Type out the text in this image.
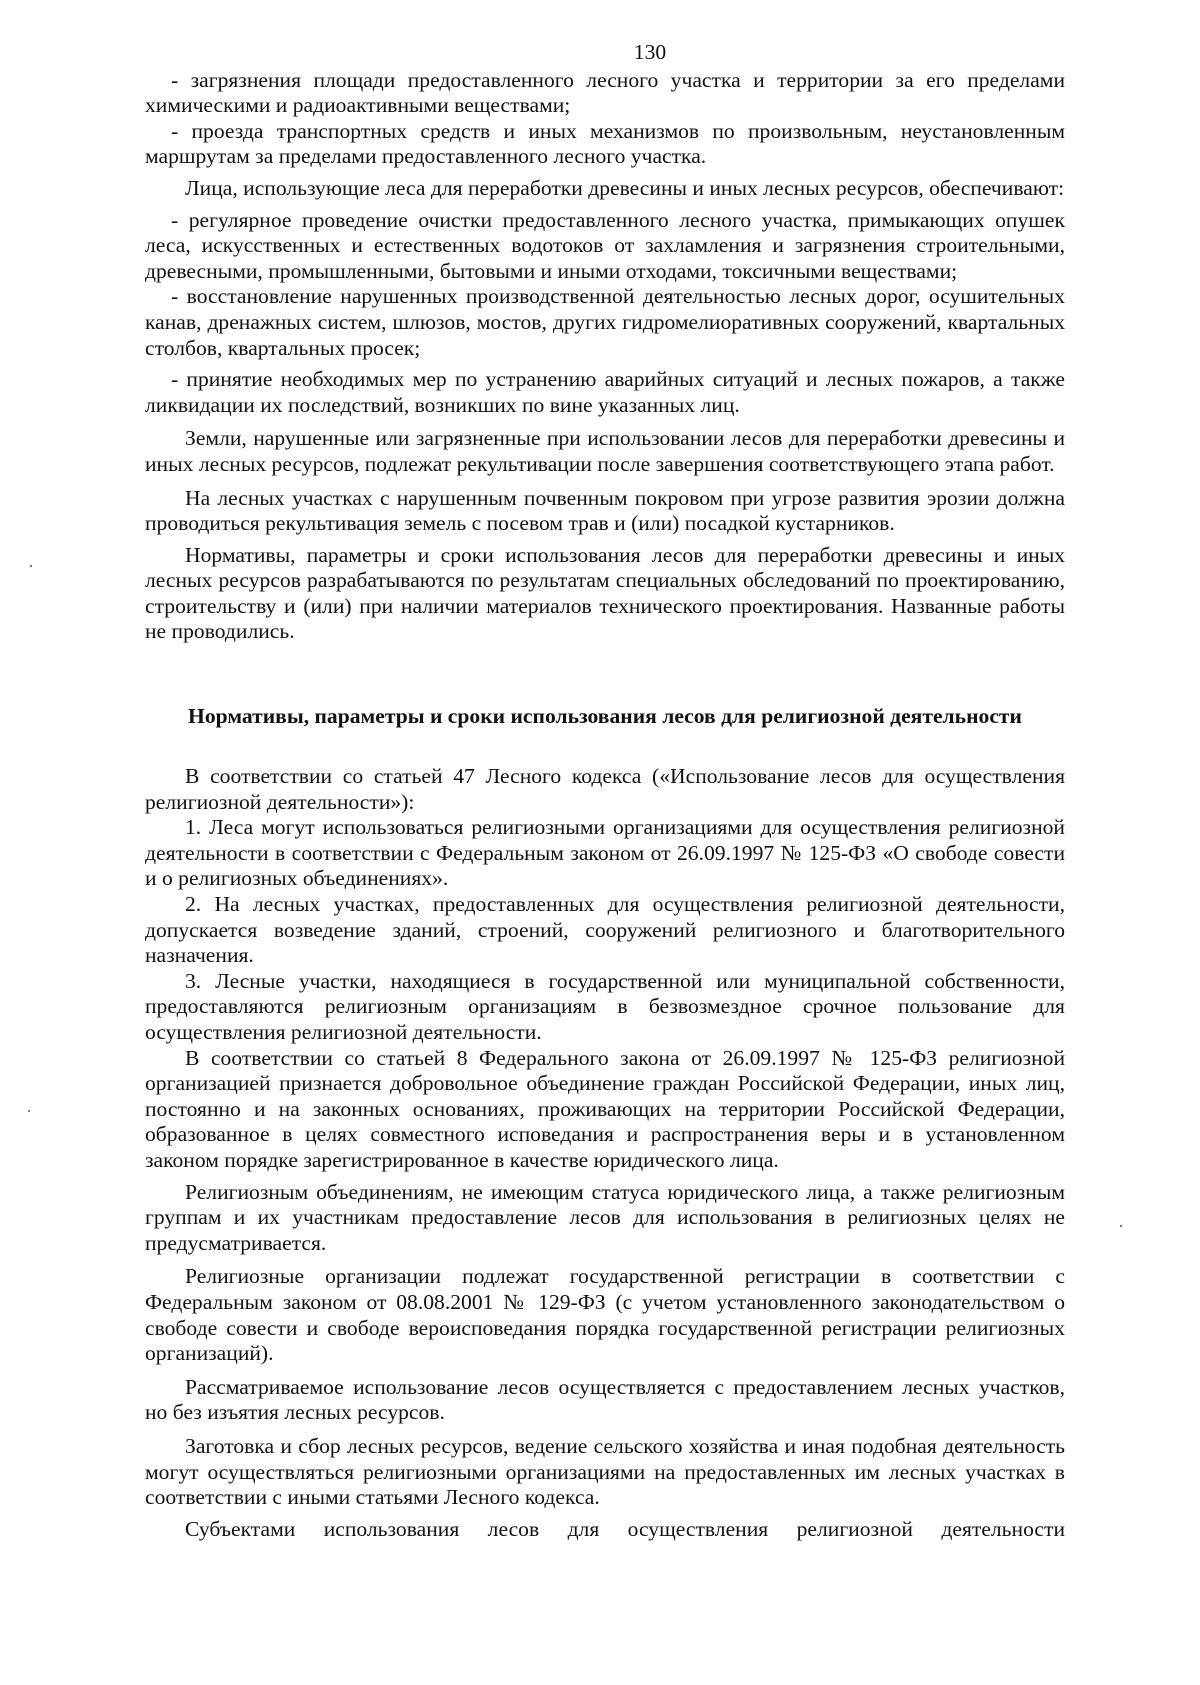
130

- загрязнения площади предоставленного лесного участка и территории за его пределами химическими и радиоактивными веществами;

- проезда транспортных средств и иных механизмов по произвольным, неустановленным маршрутам за пределами предоставленного лесного участка.

Лица, использующие леса для переработки древесины и иных лесных ресурсов, обеспечивают:

- регулярное проведение очистки предоставленного лесного участка, примыкающих опушек леса, искусственных и естественных водотоков от захламления и загрязнения строительными, древесными, промышленными, бытовыми и иными отходами, токсичными веществами;

- восстановление нарушенных производственной деятельностью лесных дорог, осушительных канав, дренажных систем, шлюзов, мостов, других гидромелиоративных сооружений, квартальных столбов, квартальных просек;

- принятие необходимых мер по устранению аварийных ситуаций и лесных пожаров, а также ликвидации их последствий, возникших по вине указанных лиц.

Земли, нарушенные или загрязненные при использовании лесов для переработки древесины и иных лесных ресурсов, подлежат рекультивации после завершения соответствующего этапа работ.

На лесных участках с нарушенным почвенным покровом при угрозе развития эрозии должна проводиться рекультивация земель с посевом трав и (или) посадкой кустарников.

Нормативы, параметры и сроки использования лесов для переработки древесины и иных лесных ресурсов разрабатываются по результатам специальных обследований по проектированию, строительству и (или) при наличии материалов технического проектирования. Названные работы не проводились.

Нормативы, параметры и сроки использования лесов для религиозной деятельности

В соответствии со статьей 47 Лесного кодекса («Использование лесов для осуществления религиозной деятельности»):

1. Леса могут использоваться религиозными организациями для осуществления религиозной деятельности в соответствии с Федеральным законом от 26.09.1997 № 125-ФЗ «О свободе совести и о религиозных объединениях».

2. На лесных участках, предоставленных для осуществления религиозной деятельности, допускается возведение зданий, строений, сооружений религиозного и благотворительного назначения.

3. Лесные участки, находящиеся в государственной или муниципальной собственности, предоставляются религиозным организациям в безвозмездное срочное пользование для осуществления религиозной деятельности.

В соответствии со статьей 8 Федерального закона от 26.09.1997 № 125-ФЗ религиозной организацией признается добровольное объединение граждан Российской Федерации, иных лиц, постоянно и на законных основаниях, проживающих на территории Российской Федерации, образованное в целях совместного исповедания и распространения веры и в установленном законом порядке зарегистрированное в качестве юридического лица.

Религиозным объединениям, не имеющим статуса юридического лица, а также религиозным группам и их участникам предоставление лесов для использования в религиозных целях не предусматривается.

Религиозные организации подлежат государственной регистрации в соответствии с Федеральным законом от 08.08.2001 № 129-ФЗ (с учетом установленного законодательством о свободе совести и свободе вероисповедания порядка государственной регистрации религиозных организаций).

Рассматриваемое использование лесов осуществляется с предоставлением лесных участков, но без изъятия лесных ресурсов.

Заготовка и сбор лесных ресурсов, ведение сельского хозяйства и иная подобная деятельность могут осуществляться религиозными организациями на предоставленных им лесных участках в соответствии с иными статьями Лесного кодекса.

Субъектами использования лесов для осуществления религиозной деятельности
